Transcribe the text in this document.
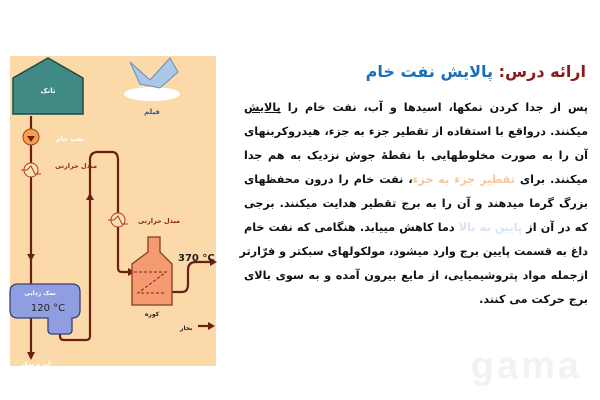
تانک
فیلم
نفت خام
مبدل حرارتی
مبدل حرارتی
نمک زدایی
120 °C
کوره
370 °C
بخار
آب و نمک
ارائه درس: پالایش نفت خام
پس از جدا کردن نمکها، اسیدها و آب، نفت خام را پالایش
میکنند. درواقع با استفاده از تقطیر جزء به جزء، هیدروکربنهای
آن را به صورت مخلوطهایی با نقطهٔ جوش نزدیک به هم جدا
میکنند. برای تقطیر جزء به جزء، نفت خام را درون محفظهای
بزرگ گرما میدهند و آن را به برج تقطیر هدایت میکنند. برجی
که در آن از پایین به بالا دما کاهش مییابد. هنگامی که نفت خام
داغ به قسمت پایین برج وارد میشود، مولکولهای سبکتر و فرّارتر
ازجمله مواد پتروشیمیایی، از مایع بیرون آمده و به سوی بالای
برج حرکت می کنند.
gama
